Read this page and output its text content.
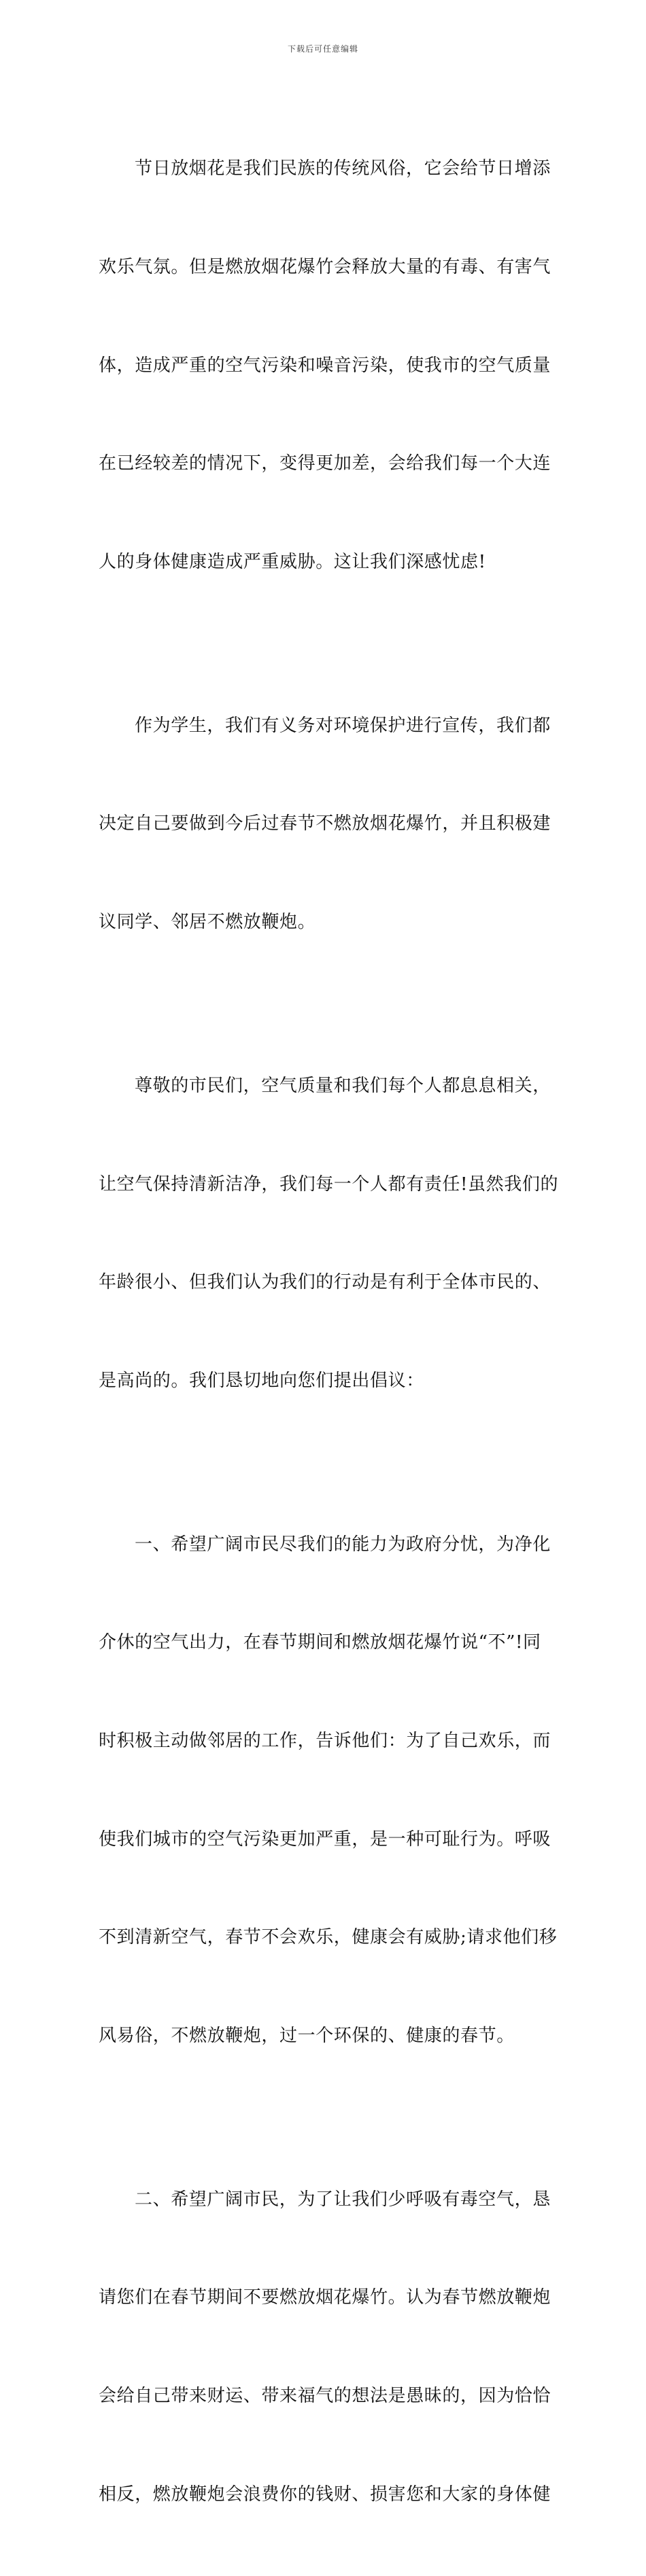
下载后可任意编辑

节日放烟花是我们民族的传统风俗，它会给节日增添

欢乐气氛。但是燃放烟花爆竹会释放大量的有毒、有害气

体，造成严重的空气污染和噪音污染，使我市的空气质量

在已经较差的情况下，变得更加差，会给我们每一个大连

人的身体健康造成严重威胁。这让我们深感忧虑!

作为学生，我们有义务对环境保护进行宣传，我们都

决定自己要做到今后过春节不燃放烟花爆竹，并且积极建

议同学、邻居不燃放鞭炮。

尊敬的市民们，空气质量和我们每个人都息息相关，

让空气保持清新洁净，我们每一个人都有责任!虽然我们的

年龄很小、但我们认为我们的行动是有利于全体市民的、

是高尚的。我们恳切地向您们提出倡议：

一、希望广阔市民尽我们的能力为政府分忧，为净化

介休的空气出力，在春节期间和燃放烟花爆竹说“不”!同

时积极主动做邻居的工作，告诉他们：为了自己欢乐，而

使我们城市的空气污染更加严重，是一种可耻行为。呼吸

不到清新空气，春节不会欢乐，健康会有威胁;请求他们移

风易俗，不燃放鞭炮，过一个环保的、健康的春节。

二、希望广阔市民，为了让我们少呼吸有毒空气，恳

请您们在春节期间不要燃放烟花爆竹。认为春节燃放鞭炮

会给自己带来财运、带来福气的想法是愚昧的，因为恰恰

相反，燃放鞭炮会浪费你的钱财、损害您和大家的身体健
